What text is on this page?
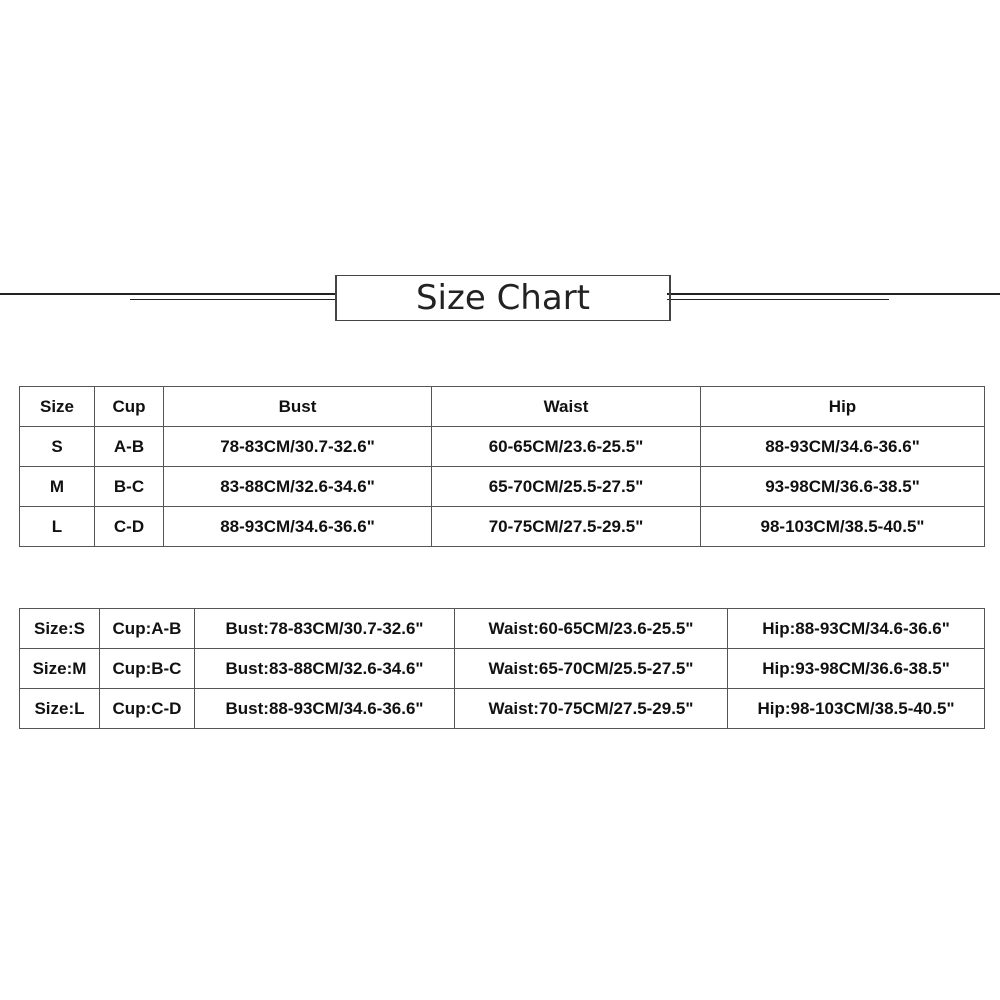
Size Chart
Size	Cup	Bust	Waist	Hip
S	A-B	78-83CM/30.7-32.6"	60-65CM/23.6-25.5"	88-93CM/34.6-36.6"
M	B-C	83-88CM/32.6-34.6"	65-70CM/25.5-27.5"	93-98CM/36.6-38.5"
L	C-D	88-93CM/34.6-36.6"	70-75CM/27.5-29.5"	98-103CM/38.5-40.5"
Size:S	Cup:A-B	Bust:78-83CM/30.7-32.6"	Waist:60-65CM/23.6-25.5"	Hip:88-93CM/34.6-36.6"
Size:M	Cup:B-C	Bust:83-88CM/32.6-34.6"	Waist:65-70CM/25.5-27.5"	Hip:93-98CM/36.6-38.5"
Size:L	Cup:C-D	Bust:88-93CM/34.6-36.6"	Waist:70-75CM/27.5-29.5"	Hip:98-103CM/38.5-40.5"
